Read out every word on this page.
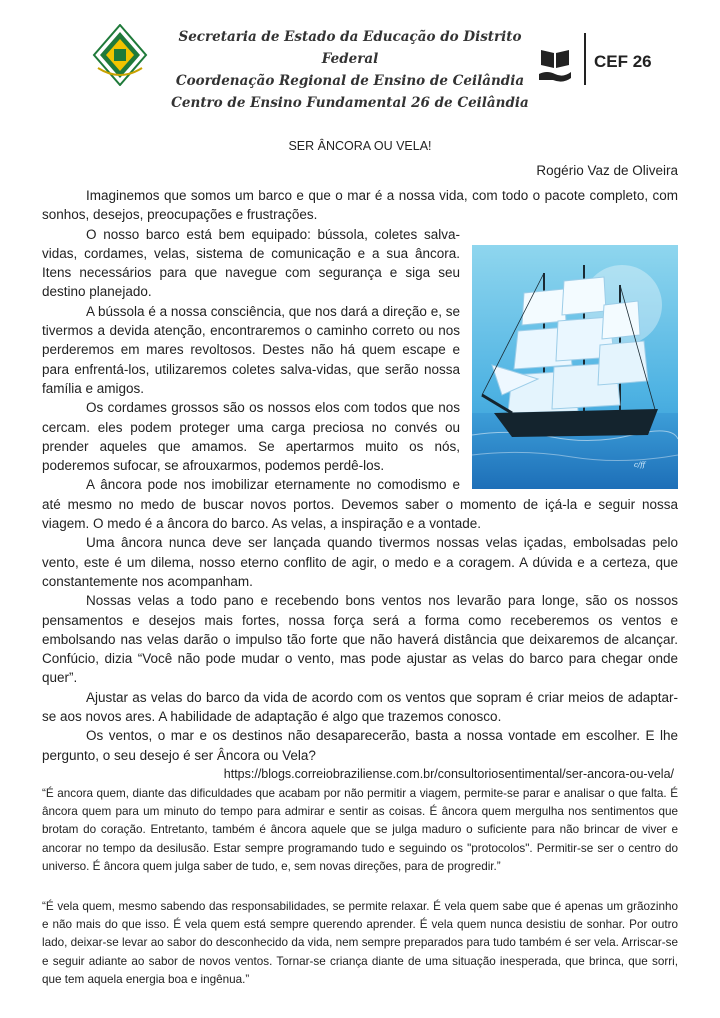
Secretaria de Estado da Educação do Distrito Federal
Coordenação Regional de Ensino de Ceilândia
Centro de Ensino Fundamental 26 de Ceilândia
CEF 26
SER ÂNCORA OU VELA!
Rogério Vaz de Oliveira

Imaginemos que somos um barco e que o mar é a nossa vida, com todo o pacote completo, com sonhos, desejos, preocupações e frustrações.

c/ff

O nosso barco está bem equipado: bússola, coletes salva-vidas, cordames, velas, sistema de comunicação e a sua âncora. Itens necessários para que navegue com segurança e siga seu destino planejado.

A bússola é a nossa consciência, que nos dará a direção e, se tivermos a devida atenção, encontraremos o caminho correto ou nos perderemos em mares revoltosos. Destes não há quem escape e para enfrentá-los, utilizaremos coletes salva-vidas, que serão nossa família e amigos.

Os cordames grossos são os nossos elos com todos que nos cercam. eles podem proteger uma carga preciosa no convés ou prender aqueles que amamos. Se apertarmos muito os nós, poderemos sufocar, se afrouxarmos, podemos perdê-los.

A âncora pode nos imobilizar eternamente no comodismo e até mesmo no medo de buscar novos portos. Devemos saber o momento de içá-la e seguir nossa viagem. O medo é a âncora do barco. As velas, a inspiração e a vontade.

Uma âncora nunca deve ser lançada quando tivermos nossas velas içadas, embolsadas pelo vento, este é um dilema, nosso eterno conflito de agir, o medo e a coragem. A dúvida e a certeza, que constantemente nos acompanham.

Nossas velas a todo pano e recebendo bons ventos nos levarão para longe, são os nossos pensamentos e desejos mais fortes, nossa força será a forma como receberemos os ventos e embolsando nas velas darão o impulso tão forte que não haverá distância que deixaremos de alcançar. Confúcio, dizia “Você não pode mudar o vento, mas pode ajustar as velas do barco para chegar onde quer”.

Ajustar as velas do barco da vida de acordo com os ventos que sopram é criar meios de adaptar-se aos novos ares. A habilidade de adaptação é algo que trazemos conosco.

Os ventos, o mar e os destinos não desaparecerão, basta a nossa vontade em escolher. E lhe pergunto, o seu desejo é ser Âncora ou Vela?

https://blogs.correiobraziliense.com.br/consultoriosentimental/ser-ancora-ou-vela/

“É ancora quem, diante das dificuldades que acabam por não permitir a viagem, permite-se parar e analisar o que falta. É âncora quem para um minuto do tempo para admirar e sentir as coisas. É âncora quem mergulha nos sentimentos que brotam do coração. Entretanto, também é âncora aquele que se julga maduro o suficiente para não brincar de viver e ancorar no tempo da desilusão. Estar sempre programando tudo e seguindo os "protocolos". Permitir-se ser o centro do universo. É âncora quem julga saber de tudo, e, sem novas direções, para de progredir.”
“É vela quem, mesmo sabendo das responsabilidades, se permite relaxar. É vela quem sabe que é apenas um grãozinho e não mais do que isso. É vela quem está sempre querendo aprender. É vela quem nunca desistiu de sonhar. Por outro lado, deixar-se levar ao sabor do desconhecido da vida, nem sempre preparados para tudo também é ser vela. Arriscar-se e seguir adiante ao sabor de novos ventos. Tornar-se criança diante de uma situação inesperada, que brinca, que sorri, que tem aquela energia boa e ingênua.”
